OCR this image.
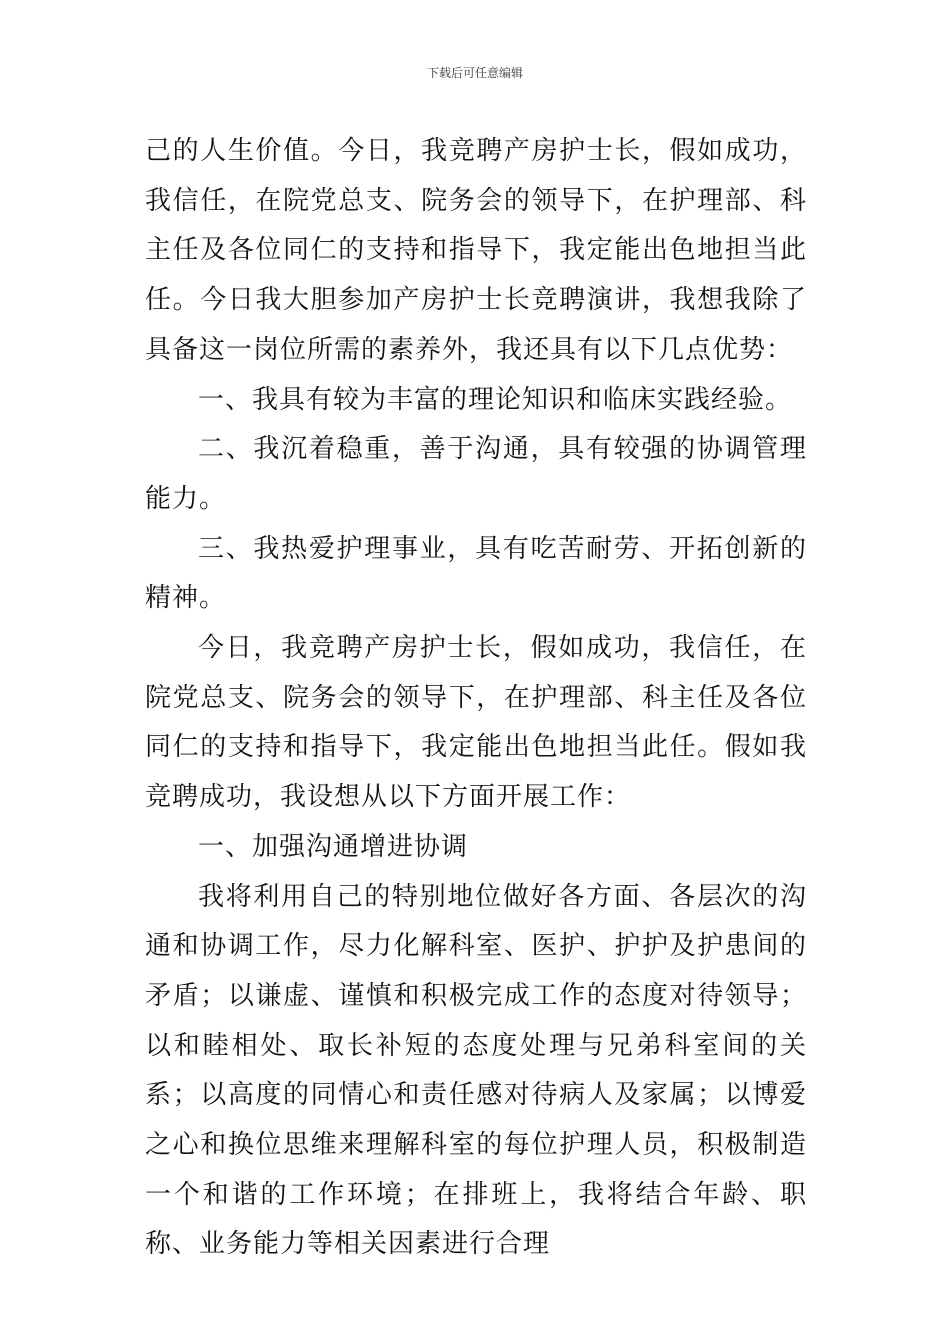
下载后可任意编辑

己的人生价值。今日，我竞聘产房护士长，假如成功，我信任，在院党总支、院务会的领导下，在护理部、科主任及各位同仁的支持和指导下，我定能出色地担当此任。今日我大胆参加产房护士长竞聘演讲，我想我除了具备这一岗位所需的素养外，我还具有以下几点优势：

一、我具有较为丰富的理论知识和临床实践经验。

二、我沉着稳重，善于沟通，具有较强的协调管理能力。

三、我热爱护理事业，具有吃苦耐劳、开拓创新的精神。

今日，我竞聘产房护士长，假如成功，我信任，在院党总支、院务会的领导下，在护理部、科主任及各位同仁的支持和指导下，我定能出色地担当此任。假如我竞聘成功，我设想从以下方面开展工作：

一、加强沟通增进协调

我将利用自己的特别地位做好各方面、各层次的沟通和协调工作，尽力化解科室、医护、护护及护患间的矛盾；以谦虚、谨慎和积极完成工作的态度对待领导；以和睦相处、取长补短的态度处理与兄弟科室间的关系；以高度的同情心和责任感对待病人及家属；以博爱之心和换位思维来理解科室的每位护理人员，积极制造一个和谐的工作环境；在排班上，我将结合年龄、职称、业务能力等相关因素进行合理
